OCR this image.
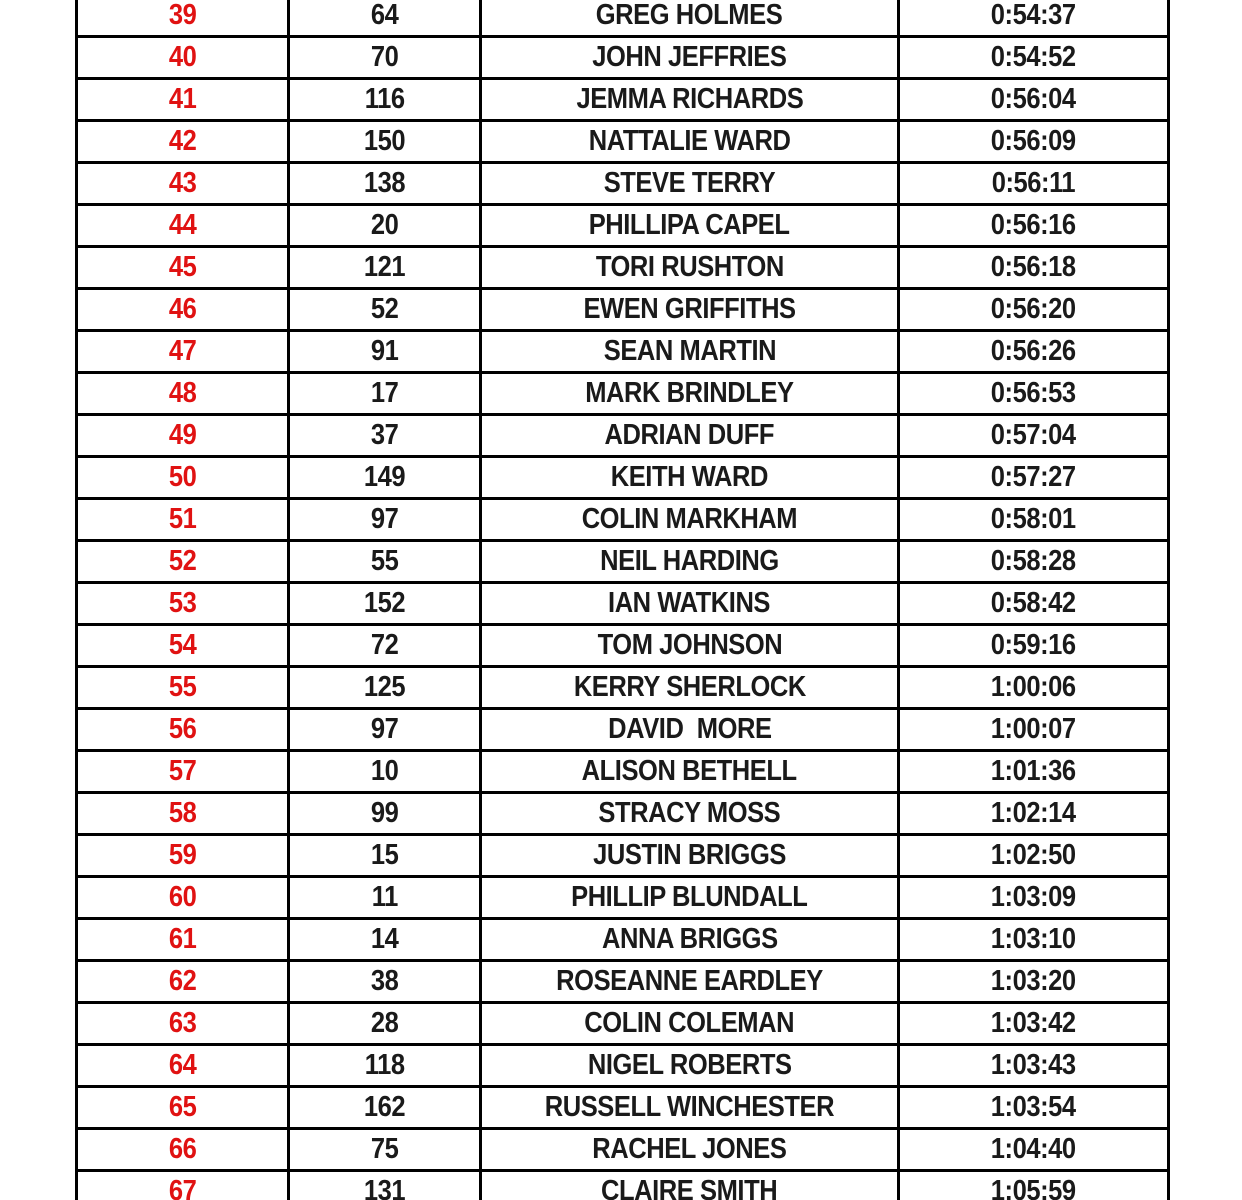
39	64	GREG HOLMES	0:54:37
40	70	JOHN JEFFRIES	0:54:52
41	116	JEMMA RICHARDS	0:56:04
42	150	NATTALIE WARD	0:56:09
43	138	STEVE TERRY	0:56:11
44	20	PHILLIPA CAPEL	0:56:16
45	121	TORI RUSHTON	0:56:18
46	52	EWEN GRIFFITHS	0:56:20
47	91	SEAN MARTIN	0:56:26
48	17	MARK BRINDLEY	0:56:53
49	37	ADRIAN DUFF	0:57:04
50	149	KEITH WARD	0:57:27
51	97	COLIN MARKHAM	0:58:01
52	55	NEIL HARDING	0:58:28
53	152	IAN WATKINS	0:58:42
54	72	TOM JOHNSON	0:59:16
55	125	KERRY SHERLOCK	1:00:06
56	97	DAVID  MORE	1:00:07
57	10	ALISON BETHELL	1:01:36
58	99	STRACY MOSS	1:02:14
59	15	JUSTIN BRIGGS	1:02:50
60	11	PHILLIP BLUNDALL	1:03:09
61	14	ANNA BRIGGS	1:03:10
62	38	ROSEANNE EARDLEY	1:03:20
63	28	COLIN COLEMAN	1:03:42
64	118	NIGEL ROBERTS	1:03:43
65	162	RUSSELL WINCHESTER	1:03:54
66	75	RACHEL JONES	1:04:40
67	131	CLAIRE SMITH	1:05:59
